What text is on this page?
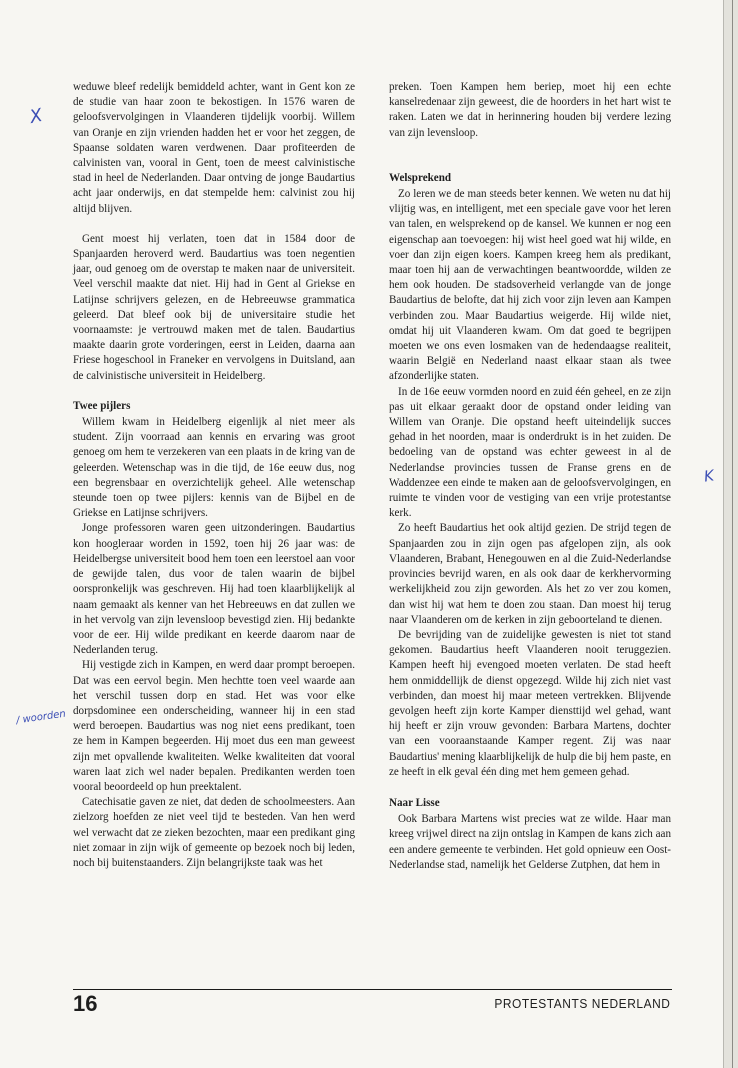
X
K
/ woorden

weduwe bleef redelijk bemiddeld achter, want in Gent kon ze de studie van haar zoon te bekostigen. In 1576 waren de geloofsvervolgingen in Vlaanderen tijdelijk voorbij. Willem van Oranje en zijn vrienden hadden het er voor het zeggen, de Spaanse soldaten waren verdwenen. Daar profiteerden de calvinisten van, vooral in Gent, toen de meest calvinistische stad in heel de Nederlanden. Daar ontving de jonge Baudartius acht jaar onderwijs, en dat stempelde hem: calvinist zou hij altijd blijven.

Gent moest hij verlaten, toen dat in 1584 door de Spanjaarden heroverd werd. Baudartius was toen negentien jaar, oud genoeg om de overstap te maken naar de universiteit. Veel verschil maakte dat niet. Hij had in Gent al Griekse en Latijnse schrijvers gelezen, en de Hebreeuwse grammatica geleerd. Dat bleef ook bij de universitaire studie het voornaamste: je vertrouwd maken met de talen. Baudartius maakte daarin grote vorderingen, eerst in Leiden, daarna aan Friese hogeschool in Franeker en vervolgens in Duitsland, aan de calvinistische universiteit in Heidelberg.

Twee pijlers

Willem kwam in Heidelberg eigenlijk al niet meer als student. Zijn voorraad aan kennis en ervaring was groot genoeg om hem te verzekeren van een plaats in de kring van de geleerden. Wetenschap was in die tijd, de 16e eeuw dus, nog een begrensbaar en overzichtelijk geheel. Alle wetenschap steunde toen op twee pijlers: kennis van de Bijbel en de Griekse en Latijnse schrijvers.

Jonge professoren waren geen uitzonderingen. Baudartius kon hoogleraar worden in 1592, toen hij 26 jaar was: de Heidelbergse universiteit bood hem toen een leerstoel aan voor de gewijde talen, dus voor de talen waarin de bijbel oorspronkelijk was geschreven. Hij had toen klaarblijkelijk al naam gemaakt als kenner van het Hebreeuws en dat zullen we in het vervolg van zijn levensloop bevestigd zien. Hij bedankte voor de eer. Hij wilde predikant en keerde daarom naar de Nederlanden terug.

Hij vestigde zich in Kampen, en werd daar prompt beroepen. Dat was een eervol begin. Men hechtte toen veel waarde aan het verschil tussen dorp en stad. Het was voor elke dorpsdominee een onderscheiding, wanneer hij in een stad werd beroepen. Baudartius was nog niet eens predikant, toen ze hem in Kampen begeerden. Hij moet dus een man geweest zijn met opvallende kwaliteiten. Welke kwaliteiten dat vooral waren laat zich wel nader bepalen. Predikanten werden toen vooral beoordeeld op hun preektalent.

Catechisatie gaven ze niet, dat deden de schoolmeesters. Aan zielzorg hoefden ze niet veel tijd te besteden. Van hen werd wel verwacht dat ze zieken bezochten, maar een predikant ging niet zomaar in zijn wijk of gemeente op bezoek noch bij leden, noch bij buitenstaanders. Zijn belangrijkste taak was het

preken. Toen Kampen hem beriep, moet hij een echte kanselredenaar zijn geweest, die de hoorders in het hart wist te raken. Laten we dat in herinnering houden bij verdere lezing van zijn levensloop.

Welsprekend

Zo leren we de man steeds beter kennen. We weten nu dat hij vlijtig was, en intelligent, met een speciale gave voor het leren van talen, en welsprekend op de kansel. We kunnen er nog een eigenschap aan toevoegen: hij wist heel goed wat hij wilde, en voer dan zijn eigen koers. Kampen kreeg hem als predikant, maar toen hij aan de verwachtingen beantwoordde, wilden ze hem ook houden. De stadsoverheid verlangde van de jonge Baudartius de belofte, dat hij zich voor zijn leven aan Kampen verbinden zou. Maar Baudartius weigerde. Hij wilde niet, omdat hij uit Vlaanderen kwam. Om dat goed te begrijpen moeten we ons even losmaken van de hedendaagse realiteit, waarin België en Nederland naast elkaar staan als twee afzonderlijke staten.

In de 16e eeuw vormden noord en zuid één geheel, en ze zijn pas uit elkaar geraakt door de opstand onder leiding van Willem van Oranje. Die opstand heeft uiteindelijk succes gehad in het noorden, maar is onderdrukt is in het zuiden. De bedoeling van de opstand was echter geweest in al de Nederlandse provincies tussen de Franse grens en de Waddenzee een einde te maken aan de geloofsvervolgingen, en ruimte te vinden voor de vestiging van een vrije protestantse kerk.

Zo heeft Baudartius het ook altijd gezien. De strijd tegen de Spanjaarden zou in zijn ogen pas afgelopen zijn, als ook Vlaanderen, Brabant, Henegouwen en al die Zuid-Nederlandse provincies bevrijd waren, en als ook daar de kerkhervorming werkelijkheid zou zijn geworden. Als het zo ver zou komen, dan wist hij wat hem te doen zou staan. Dan moest hij terug naar Vlaanderen om de kerken in zijn geboorteland te dienen.

De bevrijding van de zuidelijke gewesten is niet tot stand gekomen. Baudartius heeft Vlaanderen nooit teruggezien. Kampen heeft hij evengoed moeten verlaten. De stad heeft hem onmiddellijk de dienst opgezegd. Wilde hij zich niet vast verbinden, dan moest hij maar meteen vertrekken. Blijvende gevolgen heeft zijn korte Kamper diensttijd wel gehad, want hij heeft er zijn vrouw gevonden: Barbara Martens, dochter van een vooraanstaande Kamper regent. Zij was naar Baudartius' mening klaarblijkelijk de hulp die bij hem paste, en ze heeft in elk geval één ding met hem gemeen gehad.

Naar Lisse

Ook Barbara Martens wist precies wat ze wilde. Haar man kreeg vrijwel direct na zijn ontslag in Kampen de kans zich aan een andere gemeente te verbinden. Het gold opnieuw een Oost-Nederlandse stad, namelijk het Gelderse Zutphen, dat hem in

16	PROTESTANTS NEDERLAND
